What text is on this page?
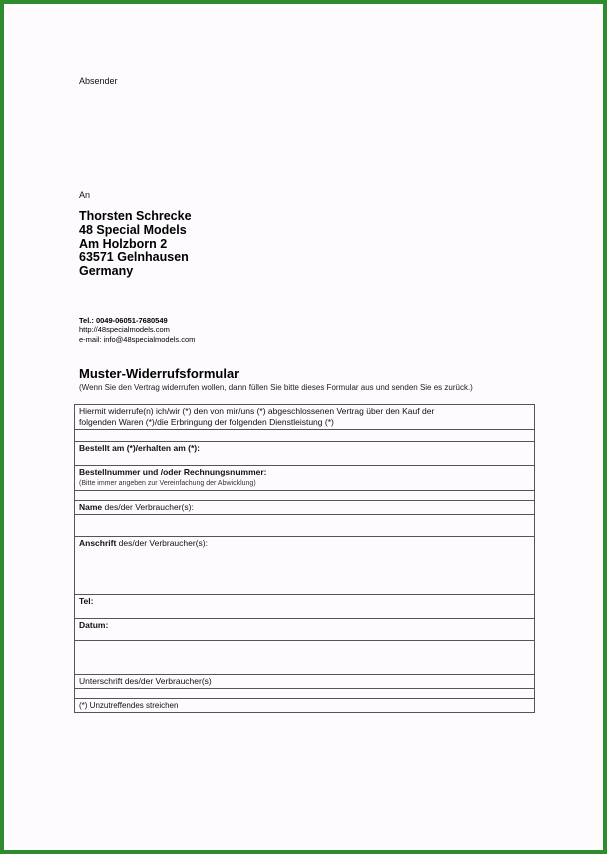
Absender
An
Thorsten Schrecke
48 Special Models
Am Holzborn 2
63571 Gelnhausen
Germany
Tel.: 0049-06051-7680549
http://48specialmodels.com
e-mail: info@48specialmodels.com
Muster-Widerrufsformular
(Wenn Sie den Vertrag widerrufen wollen, dann füllen Sie bitte dieses Formular aus und senden Sie es zurück.)
Hiermit widerrufe(n) ich/wir (*) den von mir/uns (*) abgeschlossenen Vertrag über den Kauf der
folgenden Waren (*)/die Erbringung der folgenden Dienstleistung (*)

Bestellt am (*)/erhalten am (*):

Bestellnummer und /oder Rechnungsnummer:
(Bitte immer angeben zur Vereinfachung der Abwicklung)

Name des/der Verbraucher(s):

Anschrift des/der Verbraucher(s):
Tel:
Datum:

Unterschrift des/der Verbraucher(s)

(*) Unzutreffendes streichen
